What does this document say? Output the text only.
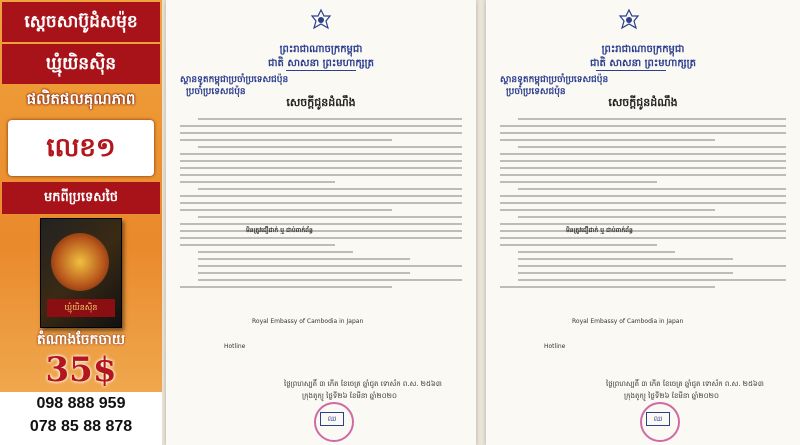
ស្ដេចសាប៊ូដំសម៉ុខ
ឃ្មុំយិនស៊ិន
ផលិតផលគុណភាព
លេខ១
មកពីប្រទេសថៃ
ឃ្មុំយិនស៊ិន
តំណាងចែកចាយ
35$
098 888 959
078 85 88 878
ព្រះរាជាណាចក្រកម្ពុជា
ជាតិ សាសនា ព្រះមហាក្សត្រ
ស្ថានទូតកម្ពុជាប្រចាំប្រទេសជប៉ុន
ប្រចាំប្រទេសជប៉ុន
សេចក្ដីជូនដំណឹង
Royal Embassy of Cambodia in Japan
មិនត្រូវជឿជាក់ ឬ ជាប់ពាក់ព័ន្ធ
Hotline
ថ្ងៃព្រហស្បតិ៍ ៣ កើត ខែចេត្រ ឆ្នាំជូត ទោស័ក ព.ស. ២៥៦៣
ក្រុងតូក្យូ ថ្ងៃទី២៦ ខែមីនា ឆ្នាំ២០២០
ឈ
ព្រះរាជាណាចក្រកម្ពុជា
ជាតិ សាសនា ព្រះមហាក្សត្រ
ស្ថានទូតកម្ពុជាប្រចាំប្រទេសជប៉ុន
ប្រចាំប្រទេសជប៉ុន
សេចក្ដីជូនដំណឹង
Royal Embassy of Cambodia in Japan
មិនត្រូវជឿជាក់ ឬ ជាប់ពាក់ព័ន្ធ
Hotline
ថ្ងៃព្រហស្បតិ៍ ៣ កើត ខែចេត្រ ឆ្នាំជូត ទោស័ក ព.ស. ២៥៦៣
ក្រុងតូក្យូ ថ្ងៃទី២៦ ខែមីនា ឆ្នាំ២០២០
ឈ
